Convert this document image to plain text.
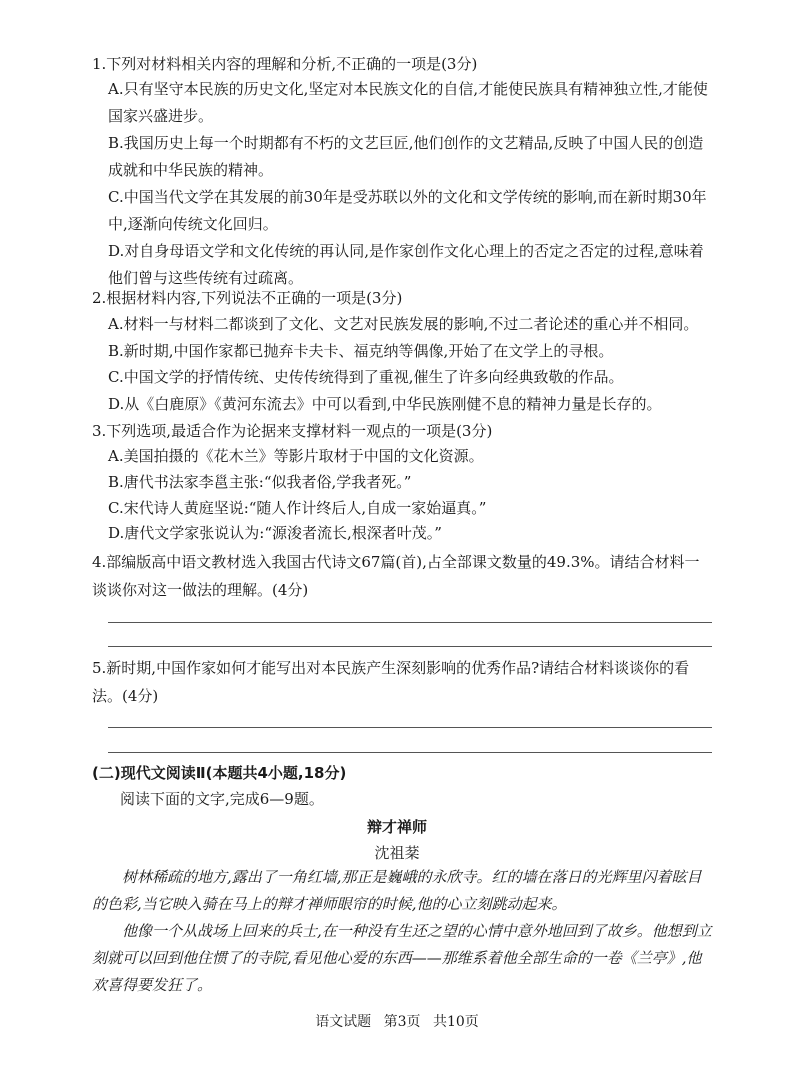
1.下列对材料相关内容的理解和分析,不正确的一项是(3分)

A.只有坚守本民族的历史文化,坚定对本民族文化的自信,才能使民族具有精神独立性,才能使国家兴盛进步。

B.我国历史上每一个时期都有不朽的文艺巨匠,他们创作的文艺精品,反映了中国人民的创造成就和中华民族的精神。

C.中国当代文学在其发展的前30年是受苏联以外的文化和文学传统的影响,而在新时期30年中,逐渐向传统文化回归。

D.对自身母语文学和文化传统的再认同,是作家创作文化心理上的否定之否定的过程,意味着他们曾与这些传统有过疏离。

2.根据材料内容,下列说法不正确的一项是(3分)

A.材料一与材料二都谈到了文化、文艺对民族发展的影响,不过二者论述的重心并不相同。

B.新时期,中国作家都已抛弃卡夫卡、福克纳等偶像,开始了在文学上的寻根。

C.中国文学的抒情传统、史传传统得到了重视,催生了许多向经典致敬的作品。

D.从《白鹿原》《黄河东流去》中可以看到,中华民族刚健不息的精神力量是长存的。

3.下列选项,最适合作为论据来支撑材料一观点的一项是(3分)

A.美国拍摄的《花木兰》等影片取材于中国的文化资源。

B.唐代书法家李邕主张:“似我者俗,学我者死。”

C.宋代诗人黄庭坚说:“随人作计终后人,自成一家始逼真。”

D.唐代文学家张说认为:“源浚者流长,根深者叶茂。”

4.部编版高中语文教材选入我国古代诗文67篇(首),占全部课文数量的49.3%。请结合材料一谈谈你对这一做法的理解。(4分)

5.新时期,中国作家如何才能写出对本民族产生深刻影响的优秀作品?请结合材料谈谈你的看法。(4分)

(二)现代文阅读Ⅱ(本题共4小题,18分)
阅读下面的文字,完成6—9题。
辩才禅师
沈祖棻

树林稀疏的地方,露出了一角红墙,那正是巍峨的永欣寺。红的墙在落日的光辉里闪着眩目的色彩,当它映入骑在马上的辩才禅师眼帘的时候,他的心立刻跳动起来。

他像一个从战场上回来的兵士,在一种没有生还之望的心情中意外地回到了故乡。他想到立刻就可以回到他住惯了的寺院,看见他心爱的东西——那维系着他全部生命的一卷《兰亭》,他欢喜得要发狂了。

语文试题 第3页 共10页
